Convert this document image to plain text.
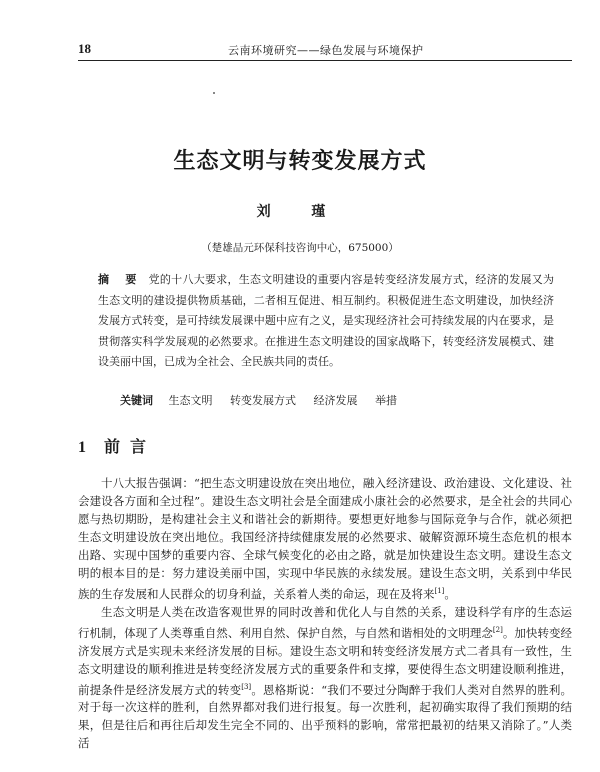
18	云南环境研究——绿色发展与环境保护
生态文明与转变发展方式
刘 瑾
（楚雄品元环保科技咨询中心，675000）

摘 要 党的十八大要求，生态文明建设的重要内容是转变经济发展方式，经济的发展又为生态文明的建设提供物质基础，二者相互促进、相互制约。积极促进生态文明建设，加快经济发展方式转变，是可持续发展课中题中应有之义，是实现经济社会可持续发展的内在要求，是贯彻落实科学发展观的必然要求。在推进生态文明建设的国家战略下，转变经济发展模式、建设美丽中国，已成为全社会、全民族共同的责任。

关键词 生态文明 转变发展方式 经济发展 举措
1 前言

十八大报告强调：“把生态文明建设放在突出地位，融入经济建设、政治建设、文化建设、社会建设各方面和全过程”。建设生态文明社会是全面建成小康社会的必然要求，是全社会的共同心愿与热切期盼，是构建社会主义和谐社会的新期待。要想更好地参与国际竞争与合作，就必须把生态文明建设放在突出地位。我国经济持续健康发展的必然要求、破解资源环境生态危机的根本出路、实现中国梦的重要内容、全球气候变化的必由之路，就是加快建设生态文明。建设生态文明的根本目的是：努力建设美丽中国，实现中华民族的永续发展。建设生态文明，关系到中华民族的生存发展和人民群众的切身利益，关系着人类的命运，现在及将来[1]。

生态文明是人类在改造客观世界的同时改善和优化人与自然的关系，建设科学有序的生态运行机制，体现了人类尊重自然、利用自然、保护自然，与自然和谐相处的文明理念[2]。加快转变经济发展方式是实现未来经济发展的目标。建设生态文明和转变经济发展方式二者具有一致性，生态文明建设的顺利推进是转变经济发展方式的重要条件和支撑，要使得生态文明建设顺利推进，前提条件是经济发展方式的转变[3]。恩格斯说：“我们不要过分陶醉于我们人类对自然界的胜利。对于每一次这样的胜利，自然界都对我们进行报复。每一次胜利，起初确实取得了我们预期的结果，但是往后和再往后却发生完全不同的、出乎预料的影响，常常把最初的结果又消除了。”人类活
